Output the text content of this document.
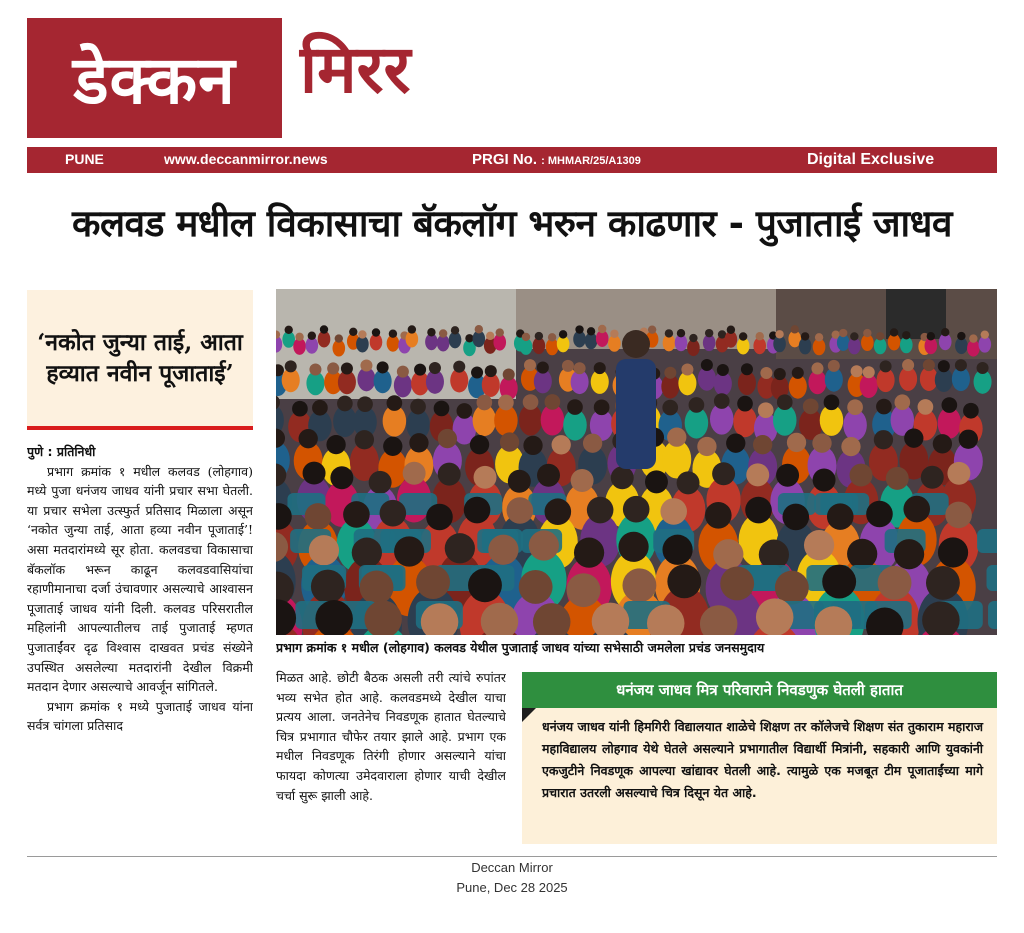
डेक्कन मिरर
PUNE	www.deccanmirror.news	PRGI No. : MHMAR/25/A1309	Digital Exclusive
कलवड मधील विकासाचा बॅकलॉग भरुन काढणार - पुजाताई जाधव
‘नकोत जुन्या ताई, आता हव्यात नवीन पूजाताई’
पुणे : प्रतिनिधी

प्रभाग क्रमांक १ मधील कलवड (लोहगाव) मध्ये पुजा धनंजय जाधव यांनी प्रचार सभा घेतली. या प्रचार सभेला उत्स्फुर्त प्रतिसाद मिळाला असून ‘नकोत जुन्या ताई, आता हव्या नवीन पूजाताई’! असा मतदारांमध्ये सूर होता. कलवडचा विकासाचा बॅकलॉक भरून काढून कलवडवासियांचा रहाणीमानाचा दर्जा उंचावणार असल्याचे आश्वासन पूजाताई जाधव यांनी दिली. कलवड परिसरातील महिलांनी आपल्यातीलच ताई पुजाताई म्हणत पुजाताईंवर दृढ विश्वास दाखवत प्रचंड संख्येने उपस्थित असलेल्या मतदारांनी देखील विक्रमी मतदान देणार असल्याचे आवर्जून सांगितले.

प्रभाग क्रमांक १ मध्ये पुजाताई जाधव यांना सर्वत्र चांगला प्रतिसाद

प्रभाग क्रमांक १ मधील (लोहगाव) कलवड येथील पुजाताई जाधव यांच्या सभेसाठी जमलेला प्रचंड जनसमुदाय
मिळत आहे. छोटी बैठक असली तरी त्यांचे रुपांतर भव्य सभेत होत आहे. कलवडमध्ये देखील याचा प्रत्यय आला. जनतेनेच निवडणूक हातात घेतल्याचे चित्र प्रभागात चौफेर तयार झाले आहे. प्रभाग एक मधील निवडणूक तिरंगी होणार असल्याने यांचा फायदा कोणत्या उमेदवाराला होणार याची देखील चर्चा सुरू झाली आहे.
धनंजय जाधव मित्र परिवाराने निवडणुक घेतली हातात
धनंजय जाधव यांनी हिमगिरी विद्यालयात शाळेचे शिक्षण तर कॉलेजचे शिक्षण संत तुकाराम महाराज महाविद्यालय लोहगाव येथे घेतले असल्याने प्रभागातील विद्यार्थी मित्रांनी, सहकारी आणि युवकांनी एकजुटीने निवडणूक आपल्या खांद्यावर घेतली आहे. त्यामुळे एक मजबूत टीम पूजाताईंच्या मागे प्रचारात उतरली असल्याचे चित्र दिसून येत आहे.
Deccan Mirror
Pune, Dec 28 2025
